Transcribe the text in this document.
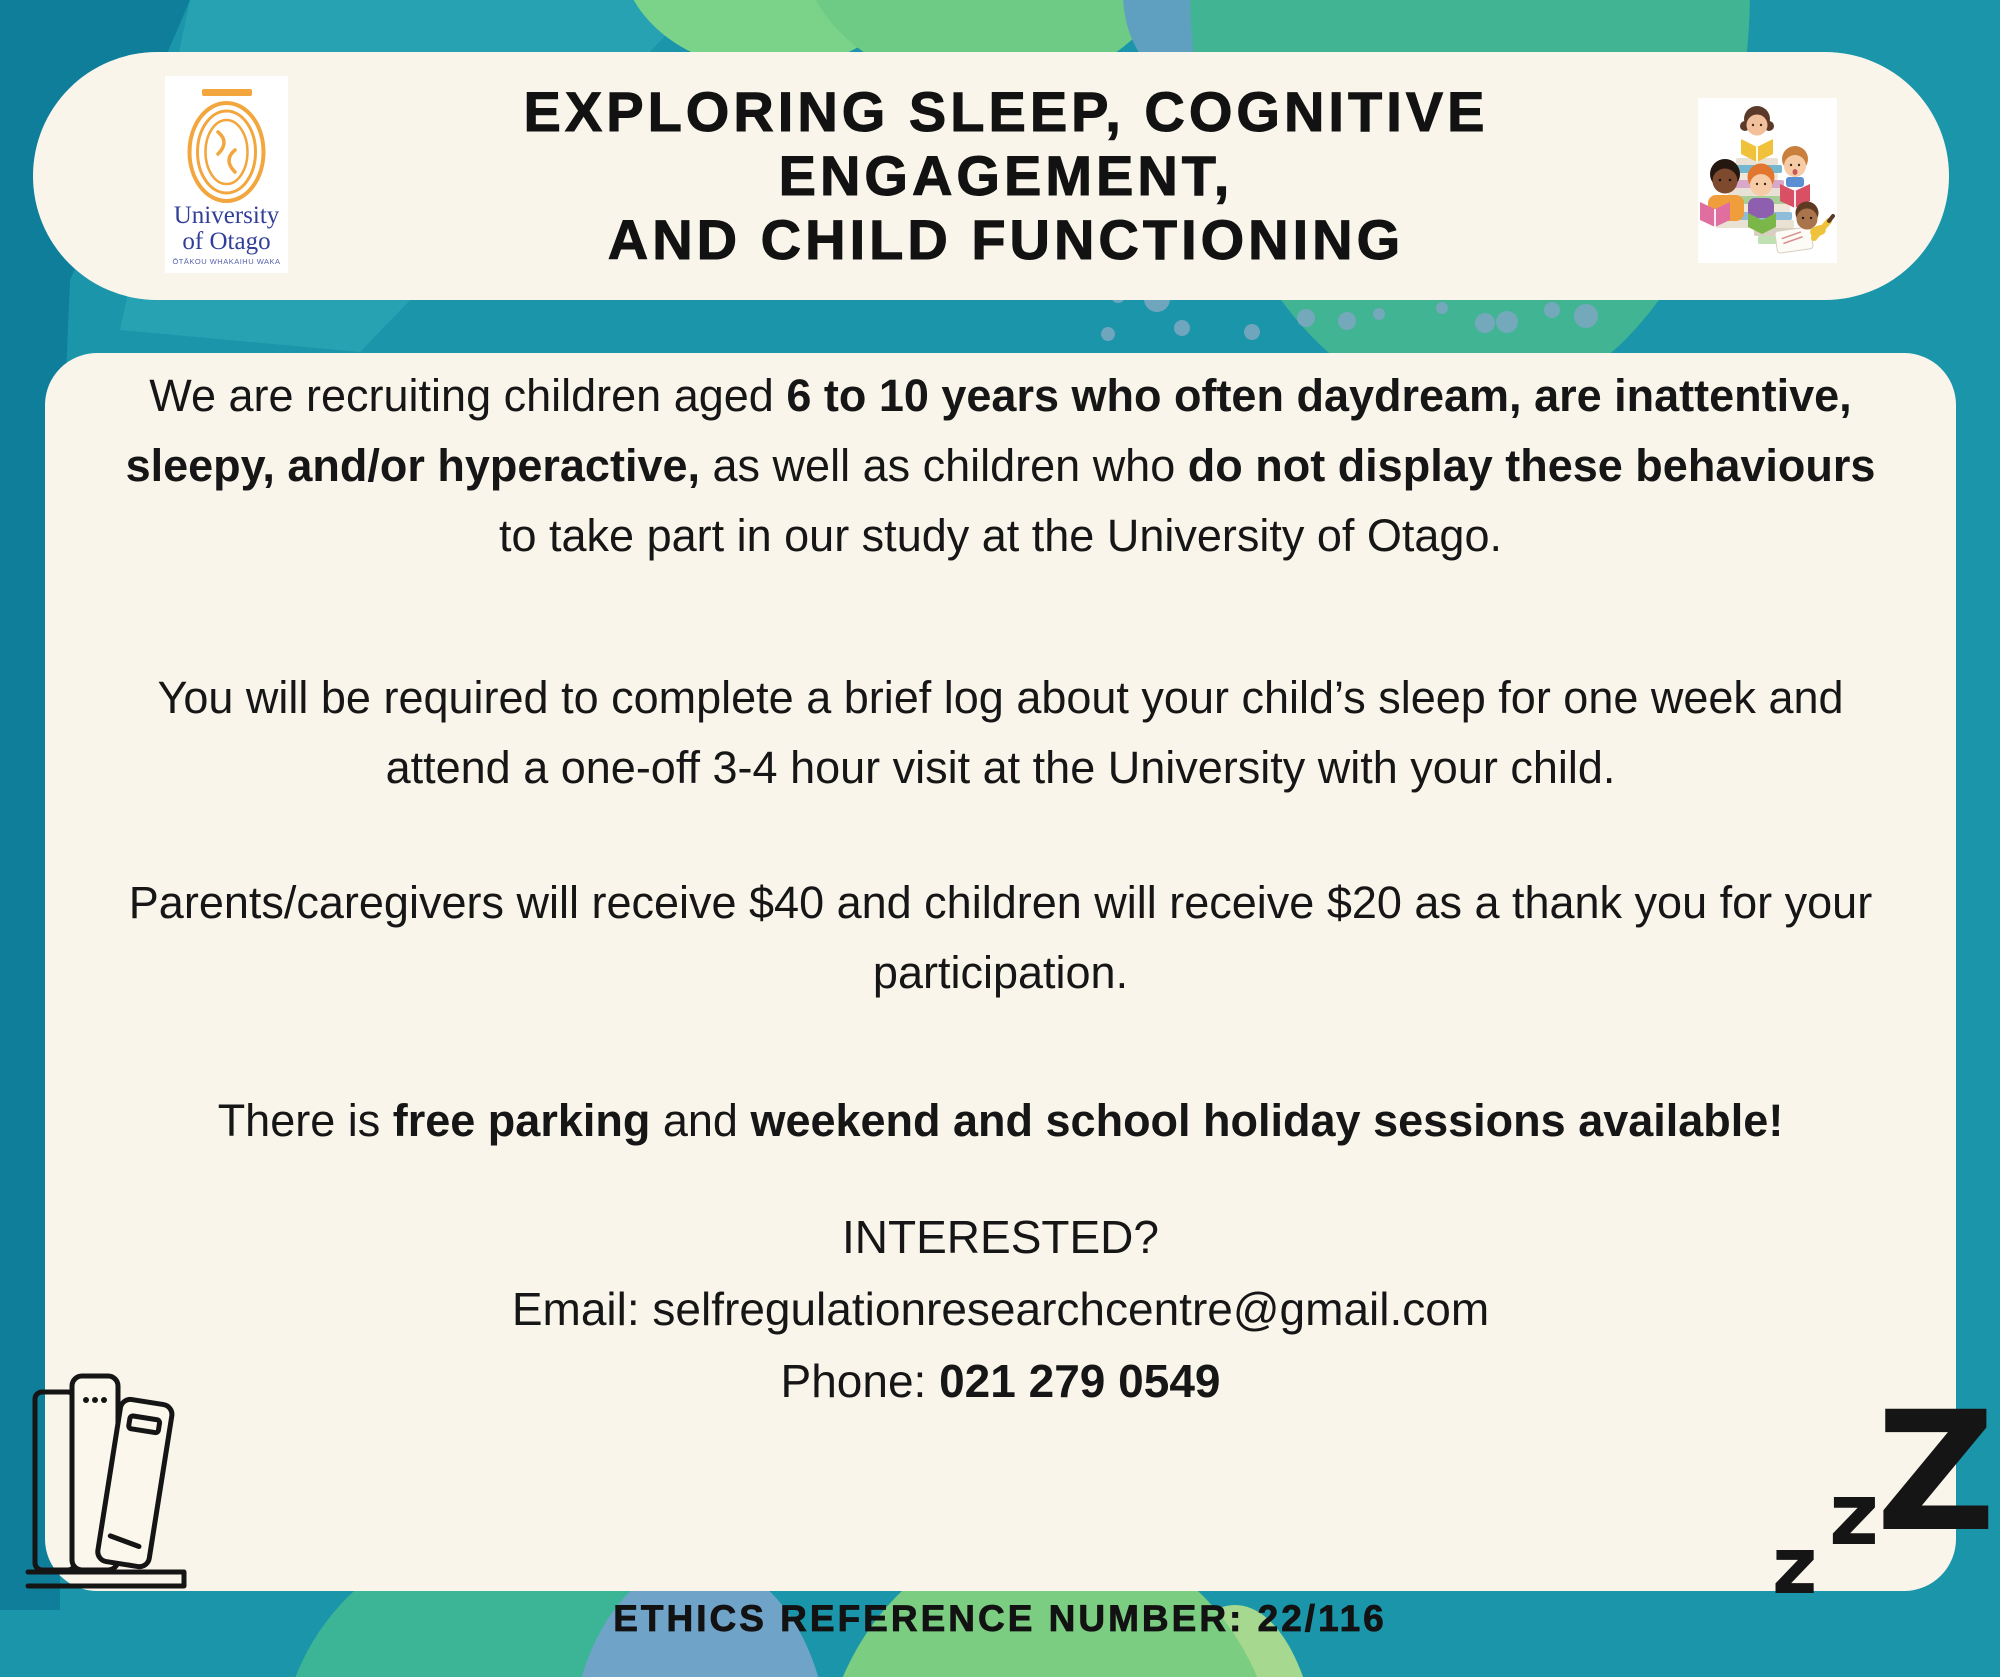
University
of Otago
ŌTĀKOU WHAKAIHU WAKA
EXPLORING SLEEP, COGNITIVE ENGAGEMENT,
AND CHILD FUNCTIONING

We are recruiting children aged 6 to 10 years who often daydream, are inattentive, sleepy, and/or hyperactive, as well as children who do not display these behaviours to take part in our study at the University of Otago.

You will be required to complete a brief log about your child’s sleep for one week and attend a one-off 3-4 hour visit at the University with your child.

Parents/caregivers will receive $40 and children will receive $20 as a thank you for your participation.

There is free parking and weekend and school holiday sessions available!

INTERESTED?
Email: selfregulationresearchcentre@gmail.com
Phone: 021 279 0549
z
z
Z
ETHICS REFERENCE NUMBER: 22/116
